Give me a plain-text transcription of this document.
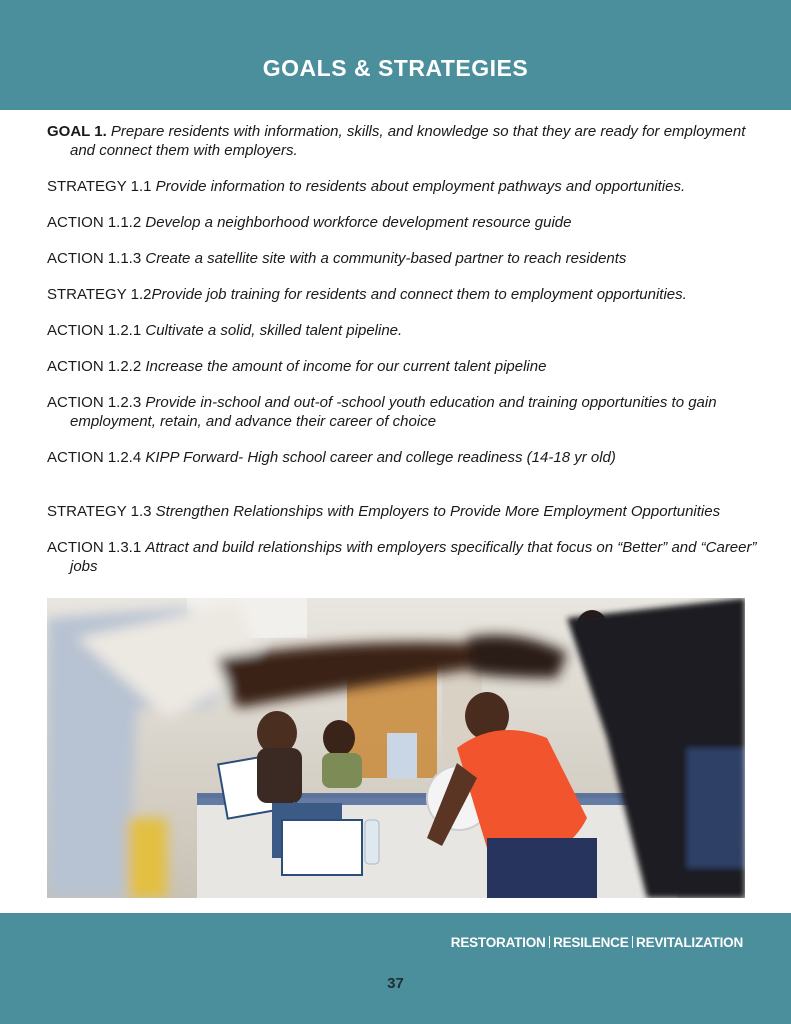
GOALS & STRATEGIES

GOAL 1. Prepare residents with information, skills, and knowledge so that they are ready for employment and connect them with employers.

STRATEGY 1.1 Provide information to residents about employment pathways and opportunities.

ACTION 1.1.2 Develop a neighborhood workforce development resource guide

ACTION 1.1.3 Create a satellite site with a community-based partner to reach residents

STRATEGY 1.2Provide job training for residents and connect them to employment opportunities.

ACTION 1.2.1 Cultivate a solid, skilled talent pipeline.

ACTION 1.2.2 Increase the amount of income for our current talent pipeline

ACTION 1.2.3 Provide in-school and out-of -school youth education and training opportunities to gain employment, retain, and advance their career of choice

ACTION 1.2.4 KIPP Forward- High school career and college readiness (14-18 yr old)

STRATEGY 1.3 Strengthen Relationships with Employers to Provide More Employment Opportunities

ACTION 1.3.1 Attract and build relationships with employers specifically that focus on “Better” and “Career” jobs

RESTORATION RESILENCE REVITALIZATION
37
